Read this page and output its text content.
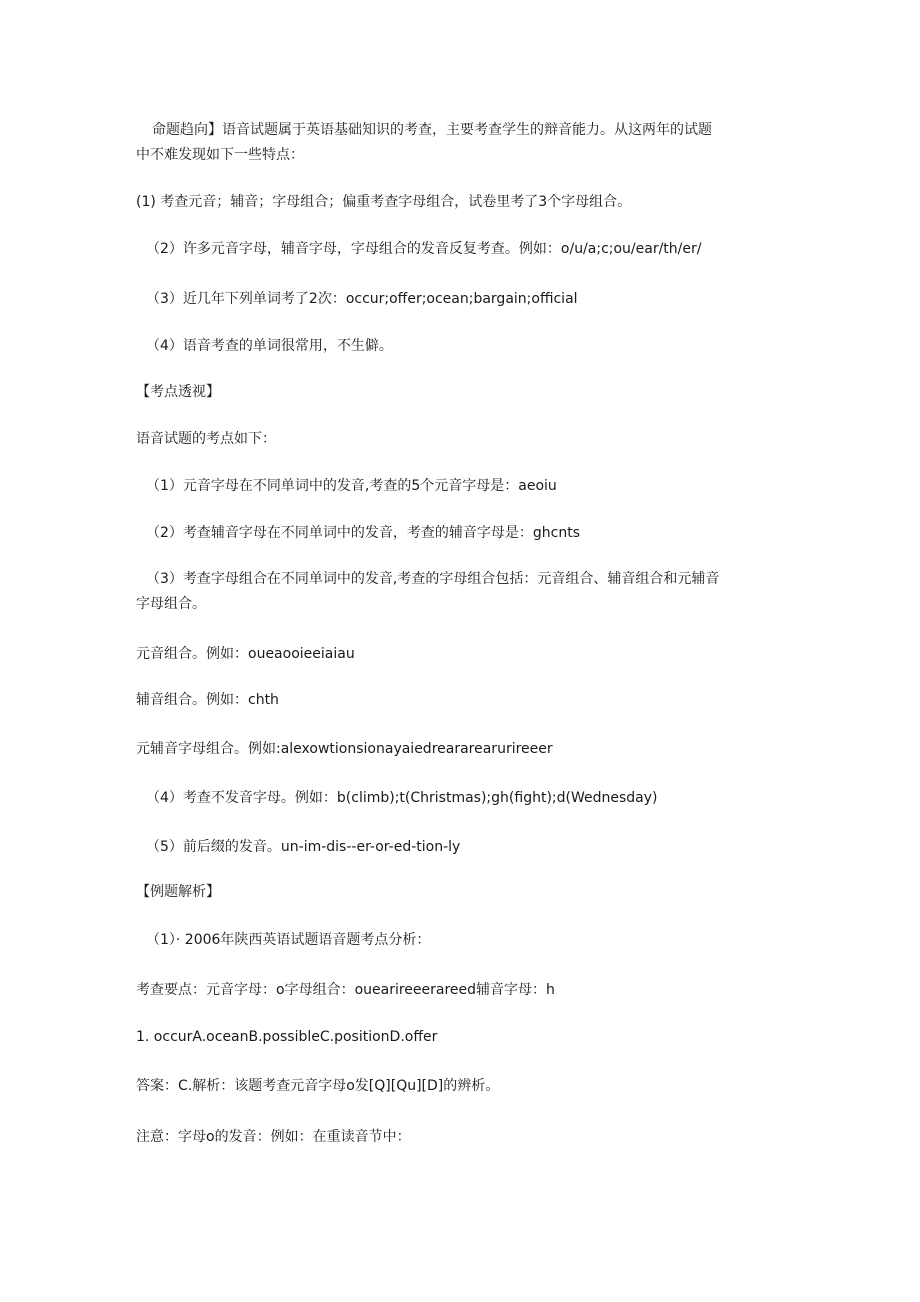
命题趋向】语音试题属于英语基础知识的考查，主要考查学生的辩音能力。从这两年的试题
中不难发现如下一些特点：
(1) 考查元音；辅音；字母组合；偏重考查字母组合，试卷里考了3个字母组合。
（2）许多元音字母，辅音字母，字母组合的发音反复考查。例如：o/u/a;c;ou/ear/th/er/
（3）近几年下列单词考了2次：occur;offer;ocean;bargain;official
（4）语音考查的单词很常用，不生僻。
【考点透视】
语音试题的考点如下：
（1）元音字母在不同单词中的发音,考查的5个元音字母是：aeoiu
（2）考查辅音字母在不同单词中的发音，考查的辅音字母是：ghcnts
（3）考查字母组合在不同单词中的发音,考查的字母组合包括：元音组合、辅音组合和元辅音
字母组合。
元音组合。例如：oueaooieeiaiau
辅音组合。例如：chth
元辅音字母组合。例如:alexowtionsionayaiedreararearurireeer
（4）考查不发音字母。例如：b(climb);t(Christmas);gh(fight);d(Wednesday)
（5）前后缀的发音。un-im-dis--er-or-ed-tion-ly
【例题解析】
（1）· 2006年陕西英语试题语音题考点分析：
考查要点：元音字母：o字母组合：ouearireeerareed辅音字母：h
1. occurA.oceanB.possibleC.positionD.offer
答案：C.解析：该题考查元音字母o发[Q][Qu][D]的辨析。
注意：字母o的发音：例如：在重读音节中：
